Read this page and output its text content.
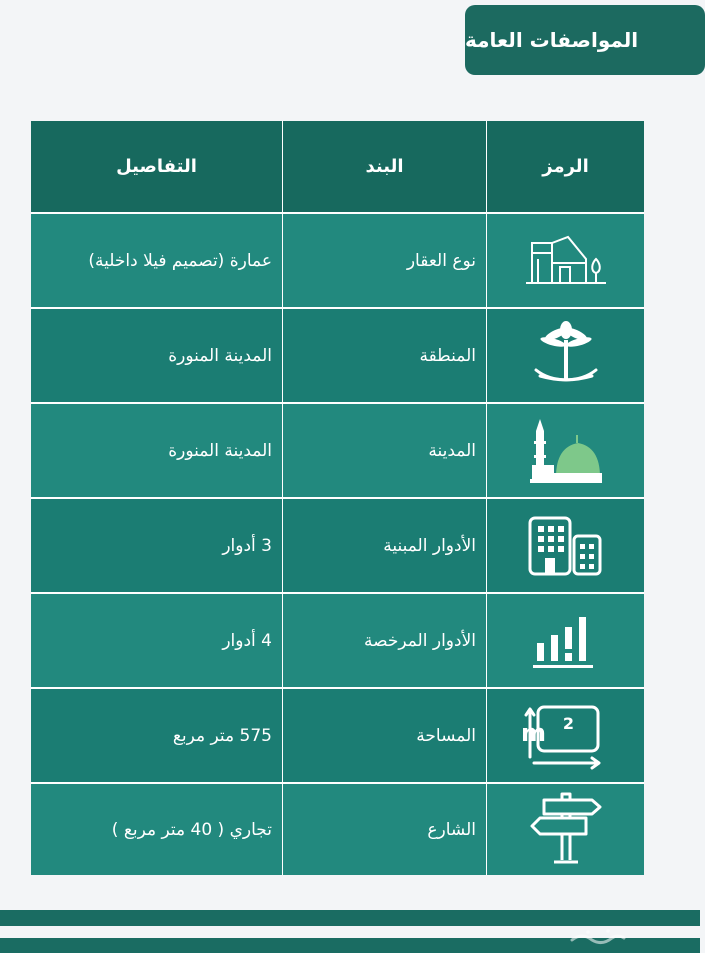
المواصفات العامة
الرمز
البند
التفاصيل
نوع العقار
عمارة (تصميم فيلا داخلية)
المنطقة
المدينة المنورة
المدينة
المدينة المنورة
الأدوار المبنية
3 أدوار
الأدوار المرخصة
4 أدوار
m 2
المساحة
575 متر مربع
الشارع
تجاري ( 40 متر مربع )
